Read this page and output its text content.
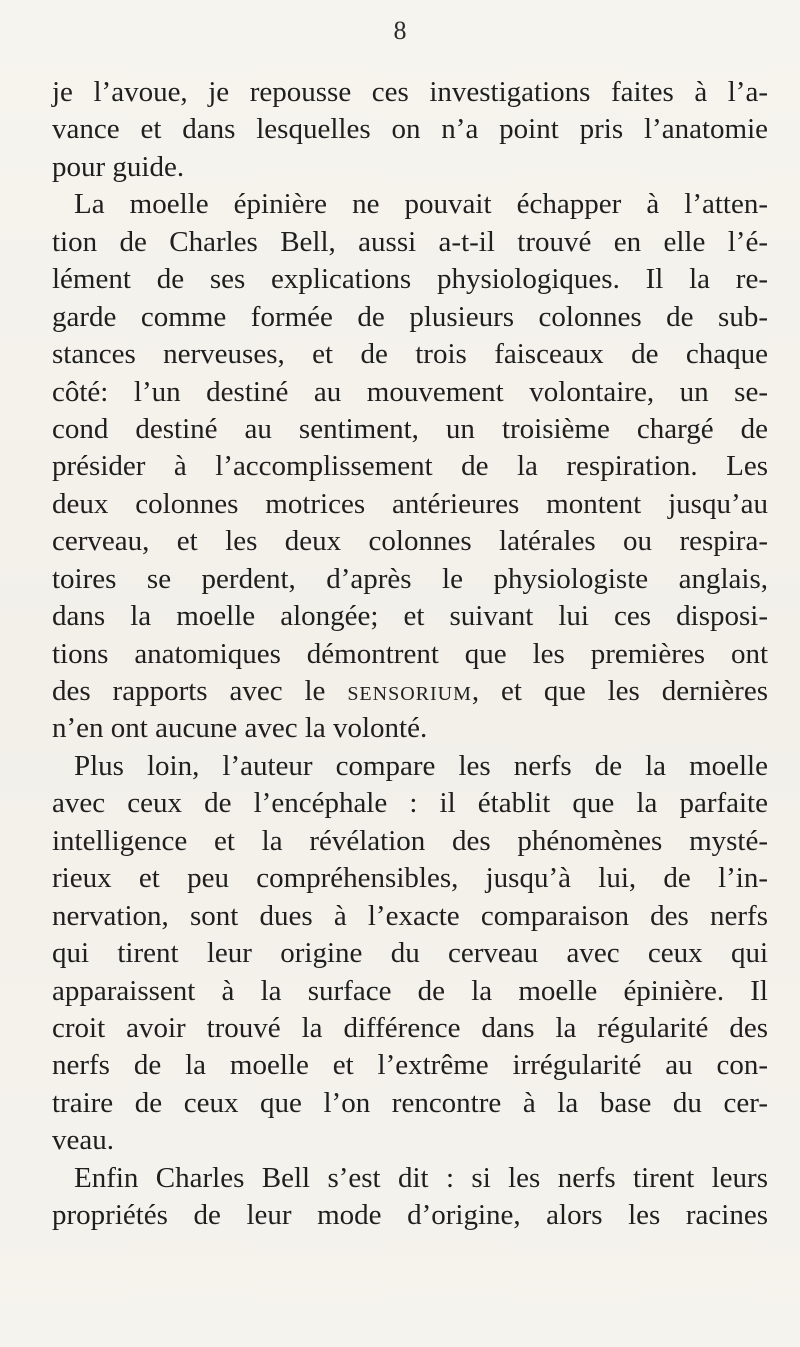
8
je l’avoue, je repousse ces investigations faites à l’a-
vance et dans lesquelles on n’a point pris l’anatomie
pour guide.
La moelle épinière ne pouvait échapper à l’atten-
tion de Charles Bell, aussi a-t-il trouvé en elle l’é-
lément de ses explications physiologiques. Il la re-
garde comme formée de plusieurs colonnes de sub-
stances nerveuses, et de trois faisceaux de chaque
côté: l’un destiné au mouvement volontaire, un se-
cond destiné au sentiment, un troisième chargé de
présider à l’accomplissement de la respiration. Les
deux colonnes motrices antérieures montent jusqu’au
cerveau, et les deux colonnes latérales ou respira-
toires se perdent, d’après le physiologiste anglais,
dans la moelle alongée; et suivant lui ces disposi-
tions anatomiques démontrent que les premières ont
des rapports avec le sensorium, et que les dernières
n’en ont aucune avec la volonté.
Plus loin, l’auteur compare les nerfs de la moelle
avec ceux de l’encéphale : il établit que la parfaite
intelligence et la révélation des phénomènes mysté-
rieux et peu compréhensibles, jusqu’à lui, de l’in-
nervation, sont dues à l’exacte comparaison des nerfs
qui tirent leur origine du cerveau avec ceux qui
apparaissent à la surface de la moelle épinière. Il
croit avoir trouvé la différence dans la régularité des
nerfs de la moelle et l’extrême irrégularité au con-
traire de ceux que l’on rencontre à la base du cer-
veau.
Enfin Charles Bell s’est dit : si les nerfs tirent leurs
propriétés de leur mode d’origine, alors les racines
